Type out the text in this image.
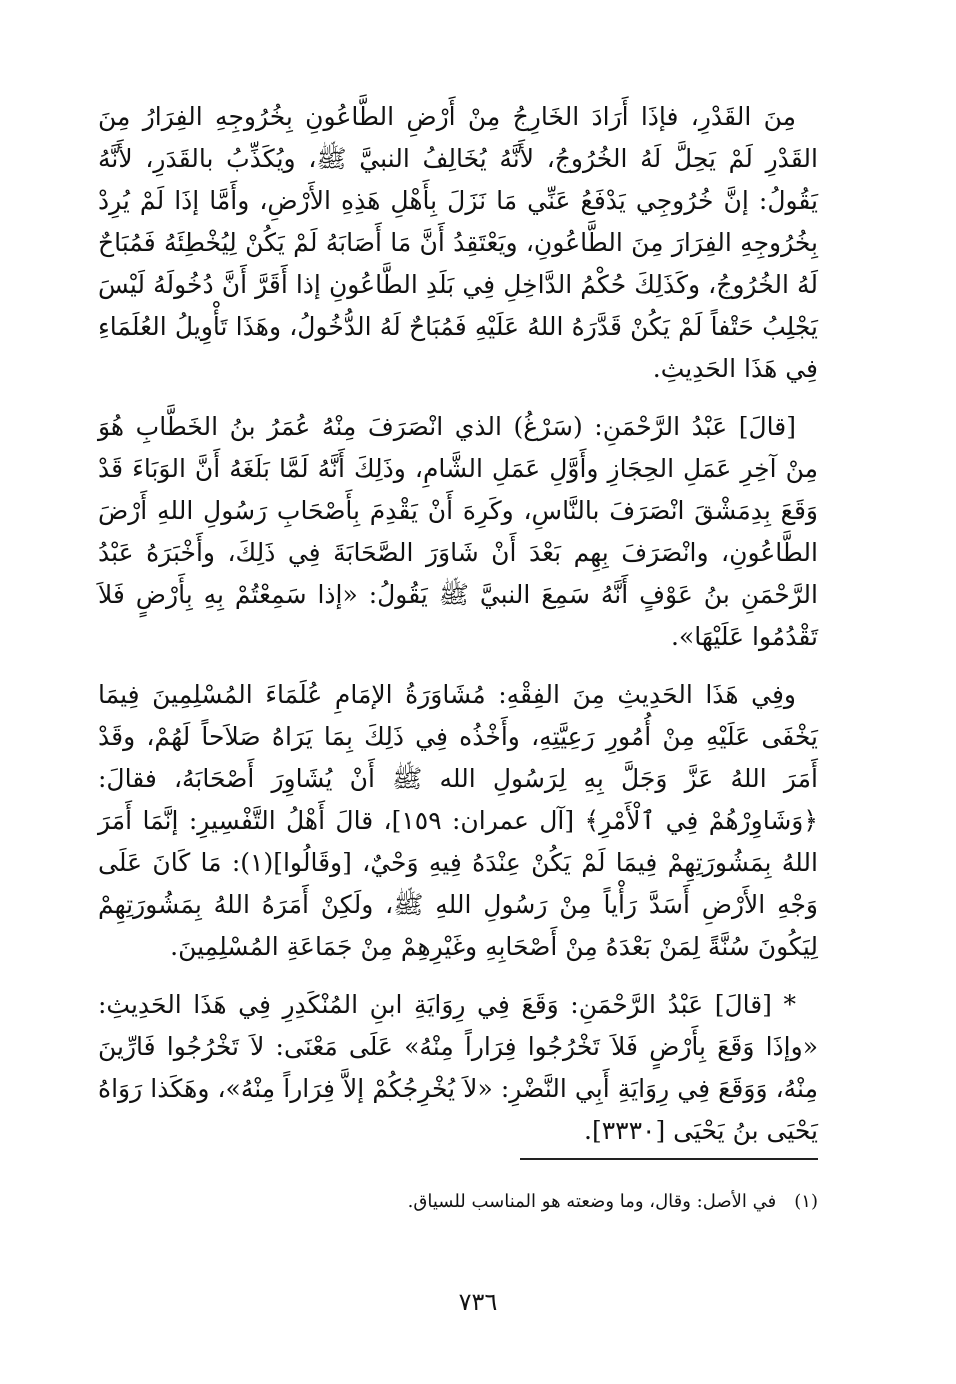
مِنَ القَدْرِ، فإذَا أَرَادَ الخَارِجُ مِنْ أَرْضِ الطَّاعُونِ بِخُرُوجِهِ الفِرَارُ مِنَ القَدْرِ لَمْ يَحِلَّ لَهُ الخُرُوجُ، لأَنَّهُ يُخَالِفُ النبيَّ ﷺ، ويُكَذِّبُ بالقَدَرِ، لأَنَّهُ يَقُولُ: إنَّ خُرُوجِي يَدْفَعُ عَنِّي مَا نَزَلَ بِأَهْلِ هَذِهِ الأَرْضِ، وأَمَّا إذَا لَمْ يُرِدْ بِخُرُوجِهِ الفِرَارَ مِنَ الطَّاعُونِ، ويَعْتَقِدُ أَنَّ مَا أَصَابَهُ لَمْ يَكُنْ لِيُخْطِئَهُ فَمُبَاحٌ لَهُ الخُرُوجُ، وكَذَلِكَ حُكْمُ الدَّاخِلِ فِي بَلَدِ الطَّاعُونِ إذا أَقَرَّ أَنَّ دُخُولَهُ لَيْسَ يَجْلِبُ حَتْفاً لَمْ يَكُنْ قَدَّرَهُ اللهُ عَلَيْهِ فَمُبَاحٌ لَهُ الدُّخُولُ، وهَذَا تَأْوِيلُ العُلَمَاءِ فِي هَذَا الحَدِيثِ.

[قالَ] عَبْدُ الرَّحْمَنِ: (سَرْغُ) الذي انْصَرَفَ مِنْهُ عُمَرُ بنُ الخَطَّابِ هُوَ مِنْ آخِرِ عَمَلِ الحِجَازِ وأَوَّلِ عَمَلِ الشَّامِ، وذَلِكَ أَنَّهُ لَمَّا بَلَغَهُ أَنَّ الوَبَاءَ قَدْ وَقَعَ بِدِمَشْقَ انْصَرَفَ بالنَّاسِ، وكَرِهَ أَنْ يَقْدِمَ بِأَصْحَابِ رَسُولِ اللهِ أَرْضَ الطَّاعُونِ، وانْصَرَفَ بِهِم بَعْدَ أَنْ شَاوَرَ الصَّحَابَةَ فِي ذَلِكَ، وأَخْبَرَهُ عَبْدُ الرَّحْمَنِ بنُ عَوْفٍ أَنَّهُ سَمِعَ النبيَّ ﷺ يَقُولُ: «إذا سَمِعْتُمْ بِهِ بِأَرْضٍ فَلاَ تَقْدُمُوا عَلَيْهَا».

وفِي هَذَا الحَدِيثِ مِنَ الفِقْهِ: مُشَاوَرَةُ الإمَامِ عُلَمَاءَ المُسْلِمِينَ فِيمَا يَخْفَى عَلَيْهِ مِنْ أُمُورِ رَعِيَّتِهِ، وأَخْذُه فِي ذَلِكَ بِمَا يَرَاهُ صَلاَحاً لَهُمْ، وقَدْ أَمَرَ اللهُ عَزَّ وَجَلَّ بِهِ لِرَسُولِ الله ﷺ أَنْ يُشَاوِرَ أَصْحَابَهُ، فقالَ: ﴿وَشَاوِرْهُمْ فِي ٱلْأَمْرِ﴾ [آل عمران: ١٥٩]، قالَ أَهْلُ التَّفْسِيرِ: إنَّمَا أَمَرَ اللهُ بِمَشُورَتِهِمْ فِيمَا لَمْ يَكُنْ عِنْدَهُ فِيهِ وَحْيٌ، [وقَالُوا](١): مَا كَانَ عَلَى وَجْهِ الأَرْضِ أَسَدَّ رَأْياً مِنْ رَسُولِ اللهِ ﷺ، ولَكِنْ أَمَرَهُ اللهُ بِمَشُورَتِهِمْ لِيَكُونَ سُنَّةً لِمَنْ بَعْدَهُ مِنْ أَصْحَابِهِ وغَيْرِهِمْ مِنْ جَمَاعَةِ المُسْلِمِينَ.

* [قالَ] عَبْدُ الرَّحْمَنِ: وَقَعَ فِي رِوَايَةِ ابنِ المُنْكَدِرِ فِي هَذَا الحَدِيثِ: «وإذَا وَقَعَ بِأَرْضٍ فَلاَ تَخْرُجُوا فِرَاراً مِنْهُ» عَلَى مَعْنَى: لاَ تَخْرُجُوا فَارِّينَ مِنْهُ، وَوَقَعَ فِي رِوَايَةِ أَبِي النَّضْرِ: «لاَ يُخْرِجُكُمْ إلاَّ فِرَاراً مِنْهُ»، وهَكَذا رَوَاهُ يَحْيَى بنُ يَحْيَى [٣٣٣٠].

(١)في الأصل: وقال، وما وضعته هو المناسب للسياق.
٧٣٦
